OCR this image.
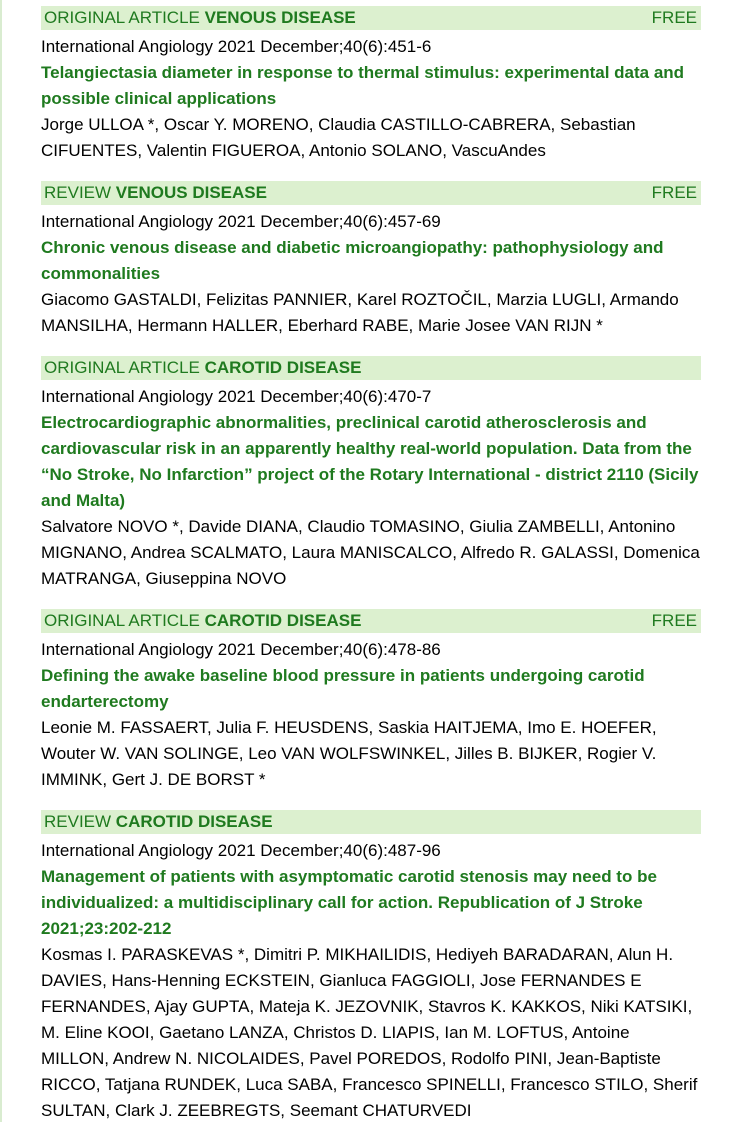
ORIGINAL ARTICLE VENOUS DISEASE	FREE
International Angiology 2021 December;40(6):451-6
Telangiectasia diameter in response to thermal stimulus: experimental data and possible clinical applications
Jorge ULLOA *, Oscar Y. MORENO, Claudia CASTILLO-CABRERA, Sebastian CIFUENTES, Valentin FIGUEROA, Antonio SOLANO, VascuAndes
REVIEW VENOUS DISEASE	FREE
International Angiology 2021 December;40(6):457-69
Chronic venous disease and diabetic microangiopathy: pathophysiology and commonalities
Giacomo GASTALDI, Felizitas PANNIER, Karel ROZTOČIL, Marzia LUGLI, Armando MANSILHA, Hermann HALLER, Eberhard RABE, Marie Josee VAN RIJN *
ORIGINAL ARTICLE CAROTID DISEASE
International Angiology 2021 December;40(6):470-7
Electrocardiographic abnormalities, preclinical carotid atherosclerosis and cardiovascular risk in an apparently healthy real-world population. Data from the “No Stroke, No Infarction” project of the Rotary International - district 2110 (Sicily and Malta)
Salvatore NOVO *, Davide DIANA, Claudio TOMASINO, Giulia ZAMBELLI, Antonino MIGNANO, Andrea SCALMATO, Laura MANISCALCO, Alfredo R. GALASSI, Domenica MATRANGA, Giuseppina NOVO
ORIGINAL ARTICLE CAROTID DISEASE	FREE
International Angiology 2021 December;40(6):478-86
Defining the awake baseline blood pressure in patients undergoing carotid endarterectomy
Leonie M. FASSAERT, Julia F. HEUSDENS, Saskia HAITJEMA, Imo E. HOEFER, Wouter W. VAN SOLINGE, Leo VAN WOLFSWINKEL, Jilles B. BIJKER, Rogier V. IMMINK, Gert J. DE BORST *
REVIEW CAROTID DISEASE
International Angiology 2021 December;40(6):487-96
Management of patients with asymptomatic carotid stenosis may need to be individualized: a multidisciplinary call for action. Republication of J Stroke 2021;23:202-212
Kosmas I. PARASKEVAS *, Dimitri P. MIKHAILIDIS, Hediyeh BARADARAN, Alun H. DAVIES, Hans-Henning ECKSTEIN, Gianluca FAGGIOLI, Jose FERNANDES E FERNANDES, Ajay GUPTA, Mateja K. JEZOVNIK, Stavros K. KAKKOS, Niki KATSIKI, M. Eline KOOI, Gaetano LANZA, Christos D. LIAPIS, Ian M. LOFTUS, Antoine MILLON, Andrew N. NICOLAIDES, Pavel POREDOS, Rodolfo PINI, Jean-Baptiste RICCO, Tatjana RUNDEK, Luca SABA, Francesco SPINELLI, Francesco STILO, Sherif SULTAN, Clark J. ZEEBREGTS, Seemant CHATURVEDI
